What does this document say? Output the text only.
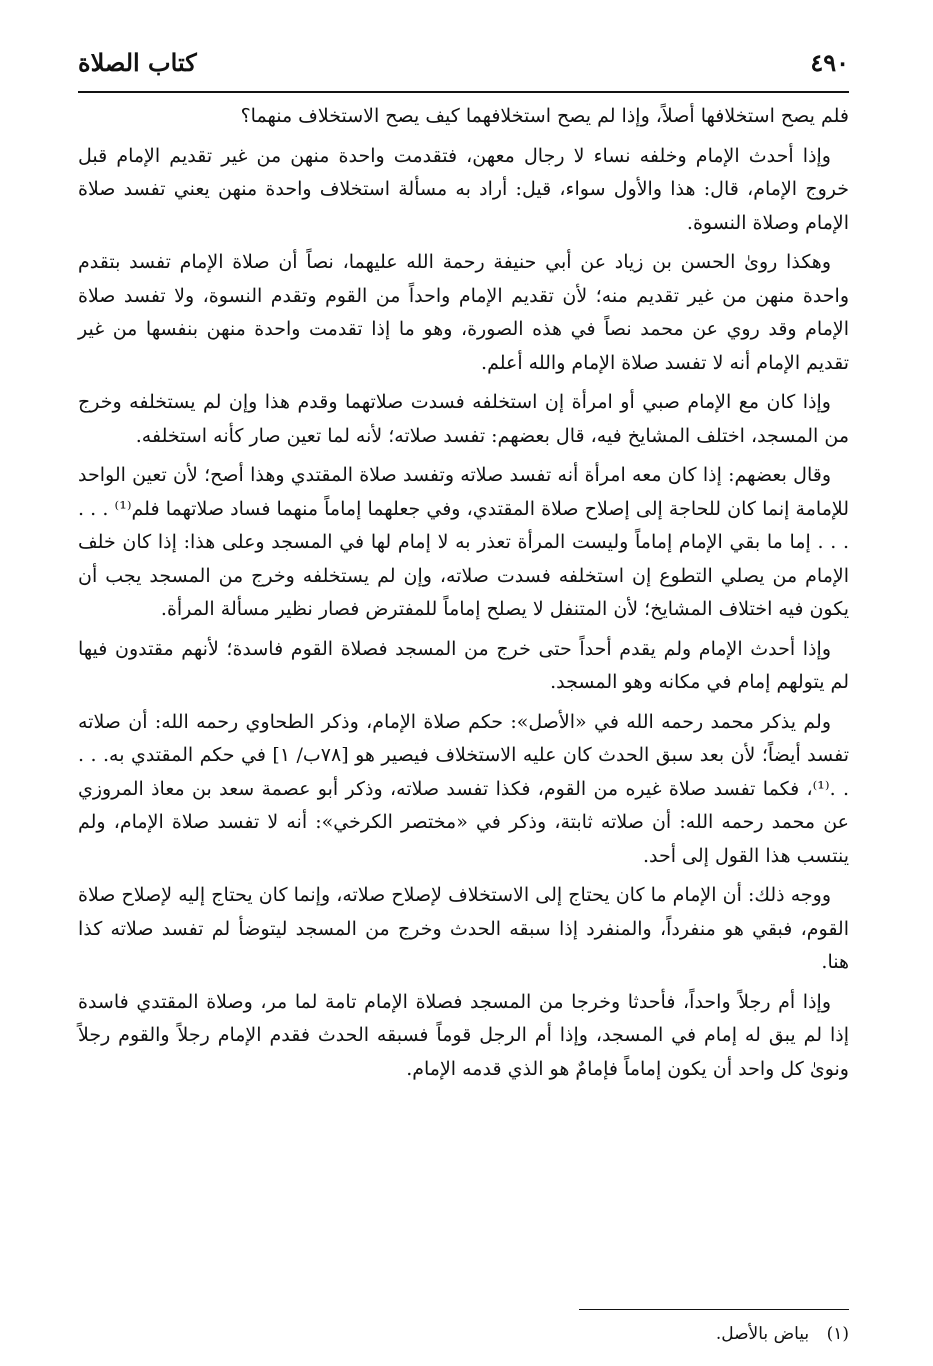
٤٩٠
كتاب الصلاة

فلم يصح استخلافها أصلاً، وإذا لم يصح استخلافهما كيف يصح الاستخلاف منهما؟

وإذا أحدث الإمام وخلفه نساء لا رجال معهن، فتقدمت واحدة منهن من غير تقديم الإمام قبل خروج الإمام، قال: هذا والأول سواء، قيل: أراد به مسألة استخلاف واحدة منهن يعني تفسد صلاة الإمام وصلاة النسوة.

وهكذا روىٰ الحسن بن زياد عن أبي حنيفة رحمة الله عليهما، نصاً أن صلاة الإمام تفسد بتقدم واحدة منهن من غير تقديم منه؛ لأن تقديم الإمام واحداً من القوم وتقدم النسوة، ولا تفسد صلاة الإمام وقد روي عن محمد نصاً في هذه الصورة، وهو ما إذا تقدمت واحدة منهن بنفسها من غير تقديم الإمام أنه لا تفسد صلاة الإمام والله أعلم.

وإذا كان مع الإمام صبي أو امرأة إن استخلفه فسدت صلاتهما وقدم هذا وإن لم يستخلفه وخرج من المسجد، اختلف المشايخ فيه، قال بعضهم: تفسد صلاته؛ لأنه لما تعين صار كأنه استخلفه.

وقال بعضهم: إذا كان معه امرأة أنه تفسد صلاته وتفسد صلاة المقتدي وهذا أصح؛ لأن تعين الواحد للإمامة إنما كان للحاجة إلى إصلاح صلاة المقتدي، وفي جعلهما إماماً منهما فساد صلاتهما فلم⁽¹⁾ . . . . . . إما ما بقي الإمام إماماً وليست المرأة تعذر به لا إمام لها في المسجد وعلى هذا: إذا كان خلف الإمام من يصلي التطوع إن استخلفه فسدت صلاته، وإن لم يستخلفه وخرج من المسجد يجب أن يكون فيه اختلاف المشايخ؛ لأن المتنفل لا يصلح إماماً للمفترض فصار نظير مسألة المرأة.

وإذا أحدث الإمام ولم يقدم أحداً حتى خرج من المسجد فصلاة القوم فاسدة؛ لأنهم مقتدون فيها لم يتولهم إمام في مكانه وهو المسجد.

ولم يذكر محمد رحمه الله في «الأصل»: حكم صلاة الإمام، وذكر الطحاوي رحمه الله: أن صلاته تفسد أيضاً؛ لأن بعد سبق الحدث كان عليه الاستخلاف فيصير هو [٧٨ب/ ١] في حكم المقتدي به. . . . .⁽¹⁾، فكما تفسد صلاة غيره من القوم، فكذا تفسد صلاته، وذكر أبو عصمة سعد بن معاذ المروزي عن محمد رحمه الله: أن صلاته ثابتة، وذكر في «مختصر الكرخي»: أنه لا تفسد صلاة الإمام، ولم ينتسب هذا القول إلى أحد.

ووجه ذلك: أن الإمام ما كان يحتاج إلى الاستخلاف لإصلاح صلاته، وإنما كان يحتاج إليه لإصلاح صلاة القوم، فبقي هو منفرداً، والمنفرد إذا سبقه الحدث وخرج من المسجد ليتوضأ لم تفسد صلاته كذا هنا.

وإذا أم رجلاً واحداً، فأحدثا وخرجا من المسجد فصلاة الإمام تامة لما مر، وصلاة المقتدي فاسدة إذا لم يبق له إمام في المسجد، وإذا أم الرجل قوماً فسبقه الحدث فقدم الإمام رجلاً والقوم رجلاً ونوىٰ كل واحد أن يكون إماماً فإمامٌ هو الذي قدمه الإمام.

(١) بياض بالأصل.
